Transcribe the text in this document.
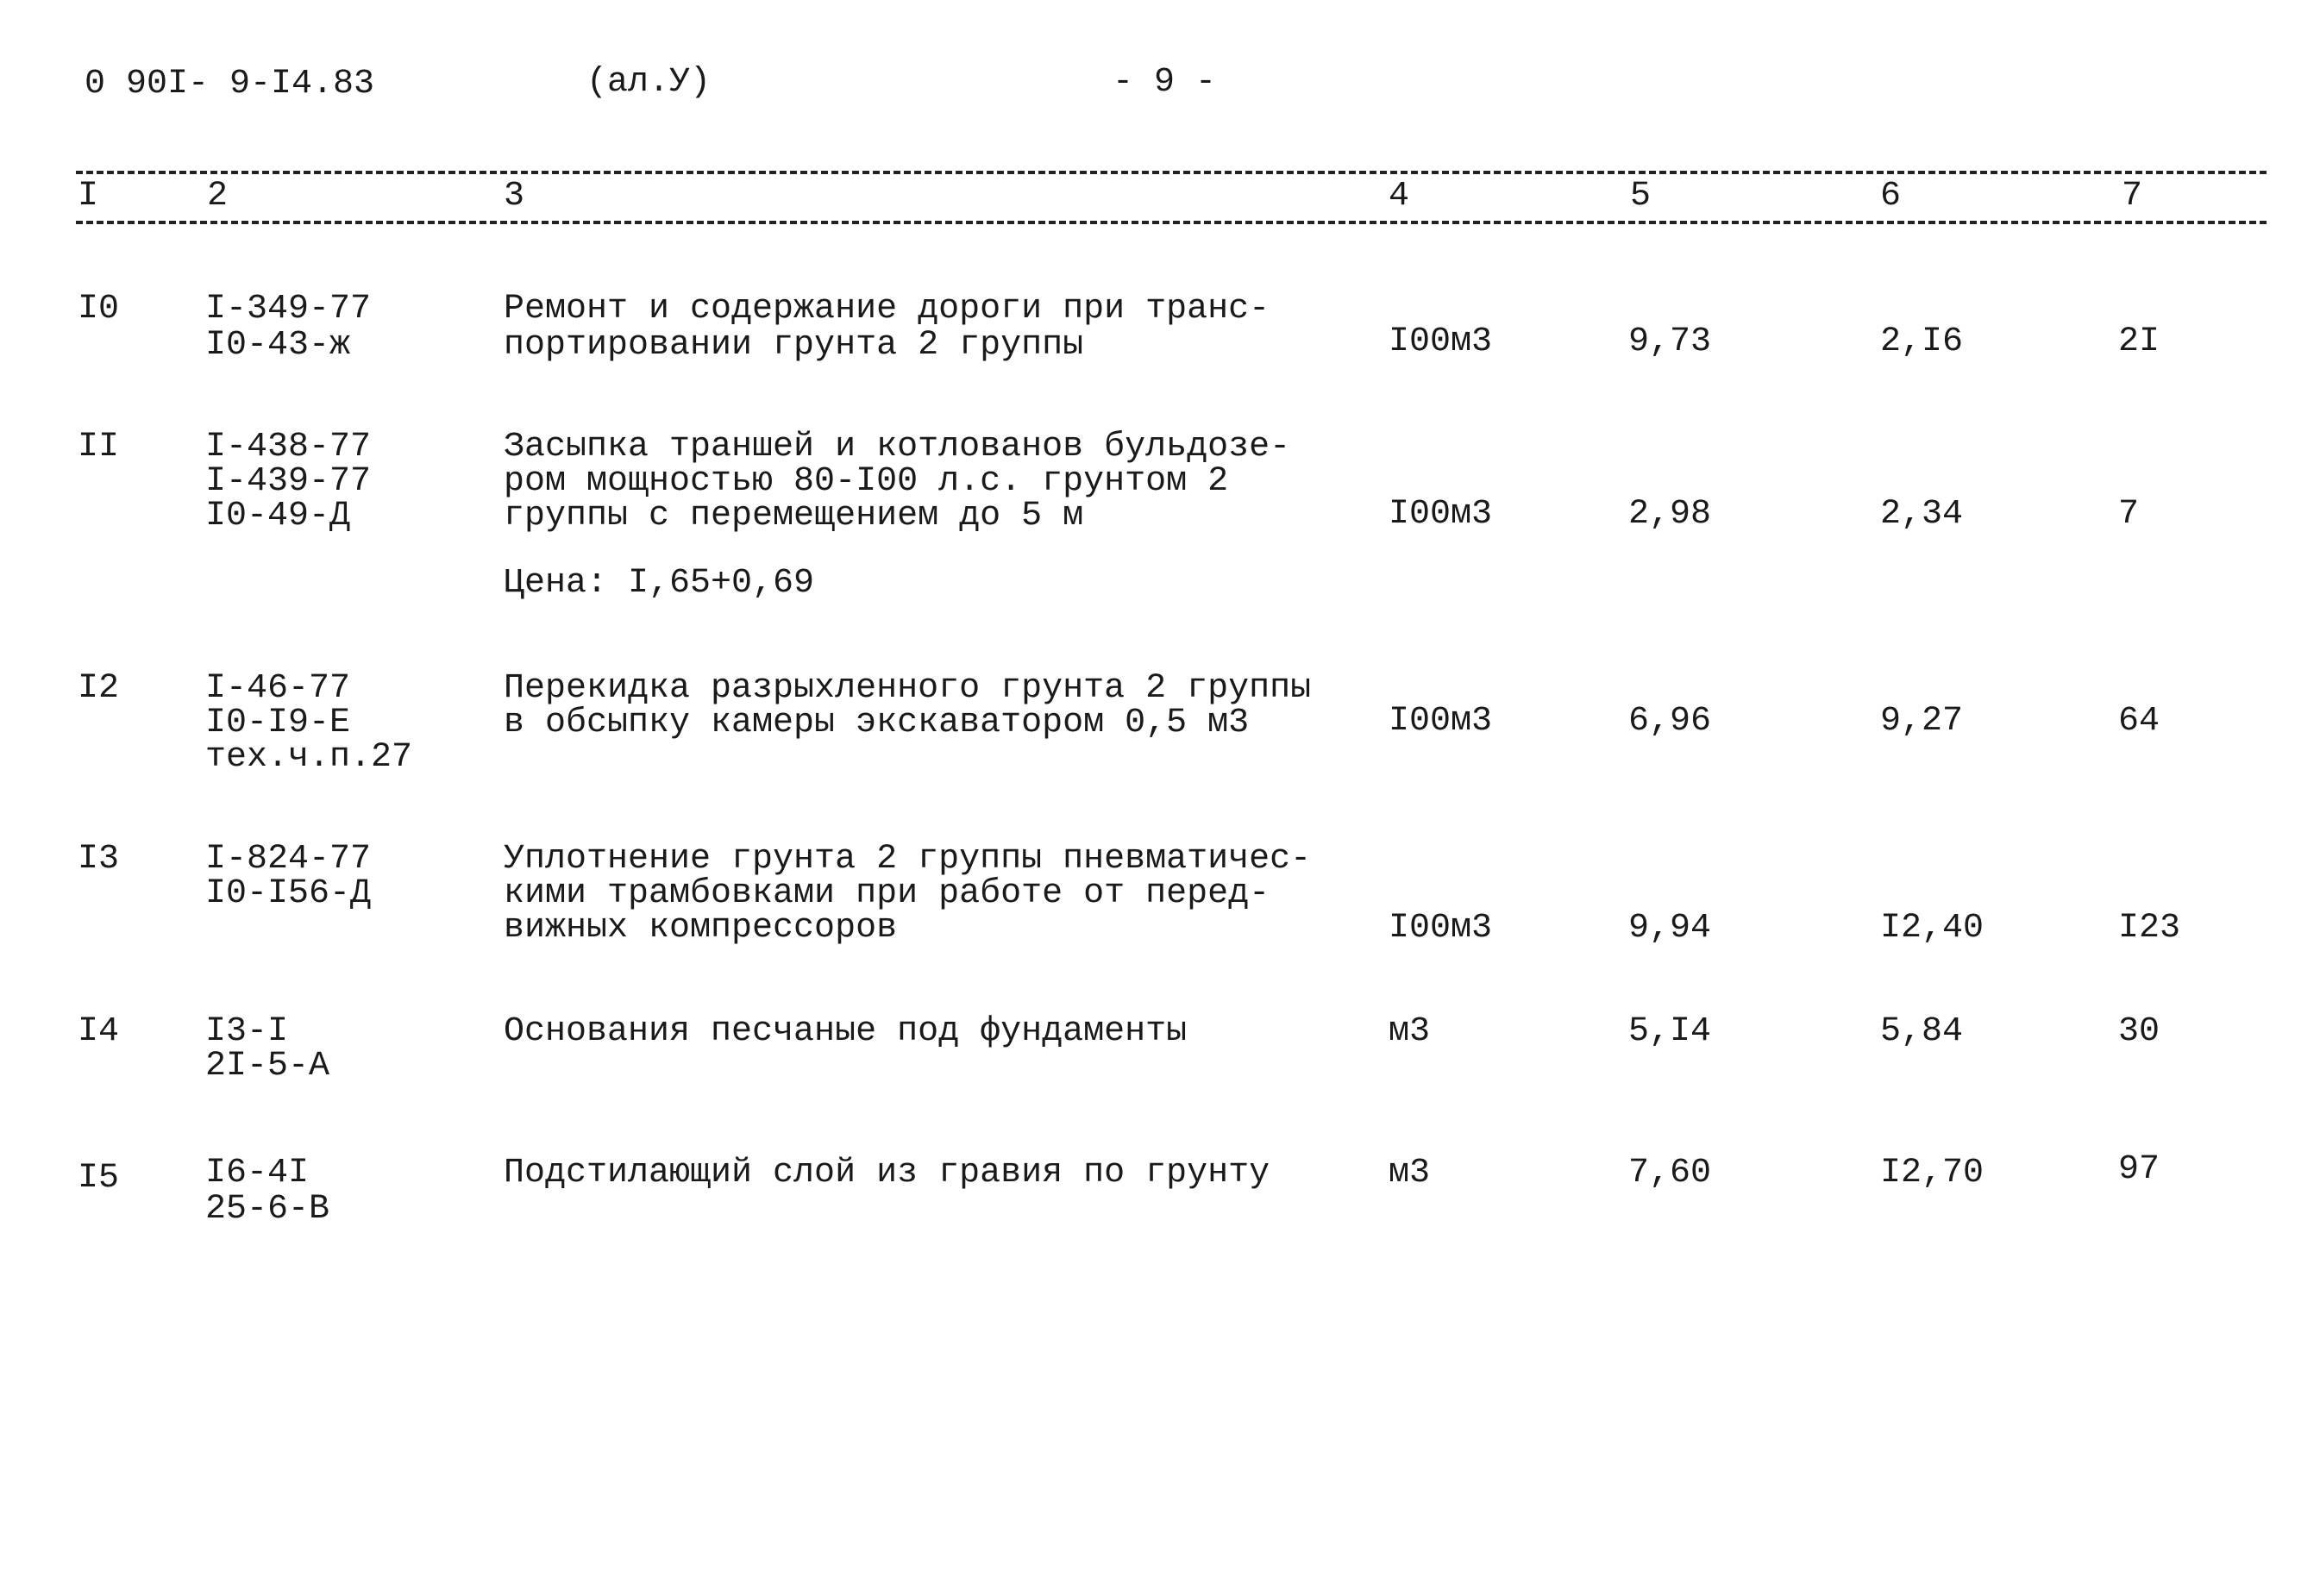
0 90I- 9-I4.83	(ал.У)	- 9 -
I	2	3	4	5	6	7
I0 I-349-77
I0-43-ж
Ремонт и содержание дороги при транс-
портировании грунта 2 группы	I00м3	9,73	2,I6	2I
II I-438-77
I-439-77
I0-49-Д
Засыпка траншей и котлованов бульдозе-
ром мощностью 80-I00 л.с. грунтом 2
группы с перемещением до 5 м
Цена: I,65+0,69
I00м3	2,98	2,34	7
I2 I-46-77
I0-I9-Е
тех.ч.п.27
Перекидка разрыхленного грунта 2 группы
в обсыпку камеры экскаватором 0,5 м3	I00м3	6,96	9,27	64
I3 I-824-77
I0-I56-Д
Уплотнение грунта 2 группы пневматичес-
кими трамбовками при работе от перед-
вижных компрессоров	I00м3	9,94	I2,40	I23
I4 I3-I
2I-5-А
Основания песчаные под фундаменты	м3	5,I4	5,84	30
I5 I6-4I
25-6-В
Подстилающий слой из гравия по грунту	м3	7,60	I2,70	97
